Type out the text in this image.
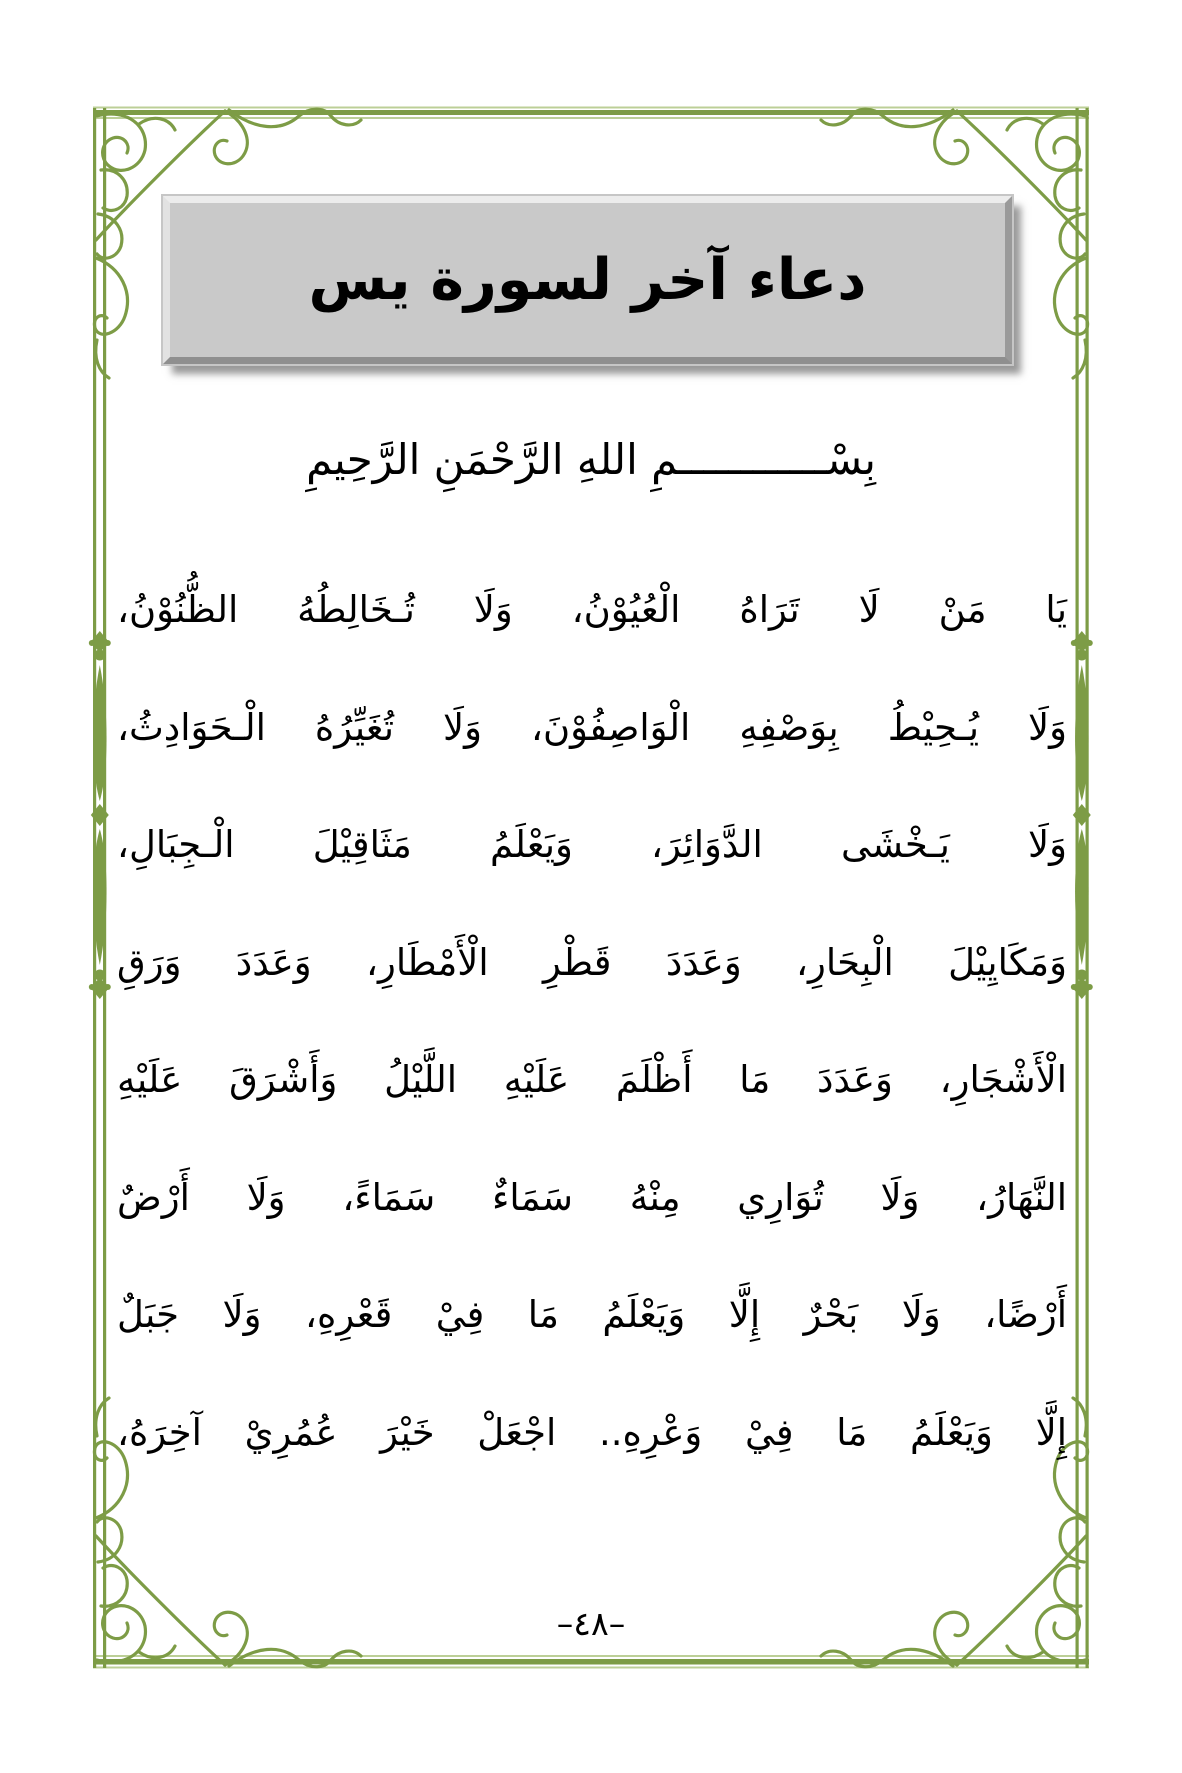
دعاء آخر لسورة يس
بِسْــــــــــــمِ اللهِ الرَّحْمَنِ الرَّحِيمِ
يَا مَنْ لَا تَرَاهُ الْعُيُوْنُ، وَلَا تُـخَالِطُهُ الظُّنُوْنُ،
وَلَا يُـحِيْطُ بِوَصْفِهِ الْوَاصِفُوْنَ، وَلَا تُغَيِّرُهُ الْـحَوَادِثُ،
وَلَا يَـخْشَى الدَّوَائِرَ، وَيَعْلَمُ مَثَاقِيْلَ الْـجِبَالِ،
وَمَكَايِيْلَ الْبِحَارِ، وَعَدَدَ قَطْرِ الْأَمْطَارِ، وَعَدَدَ وَرَقِ
الْأَشْجَارِ، وَعَدَدَ مَا أَظْلَمَ عَلَيْهِ اللَّيْلُ وَأَشْرَقَ عَلَيْهِ
النَّهَارُ، وَلَا تُوَارِي مِنْهُ سَمَاءٌ سَمَاءً، وَلَا أَرْضٌ
أَرْضًا، وَلَا بَحْرٌ إِلَّا وَيَعْلَمُ مَا فِيْ قَعْرِهِ، وَلَا جَبَلٌ
إِلَّا وَيَعْلَمُ مَا فِيْ وَعْرِهِ.. اجْعَلْ خَيْرَ عُمُرِيْ آخِرَهُ،
–٤٨–
